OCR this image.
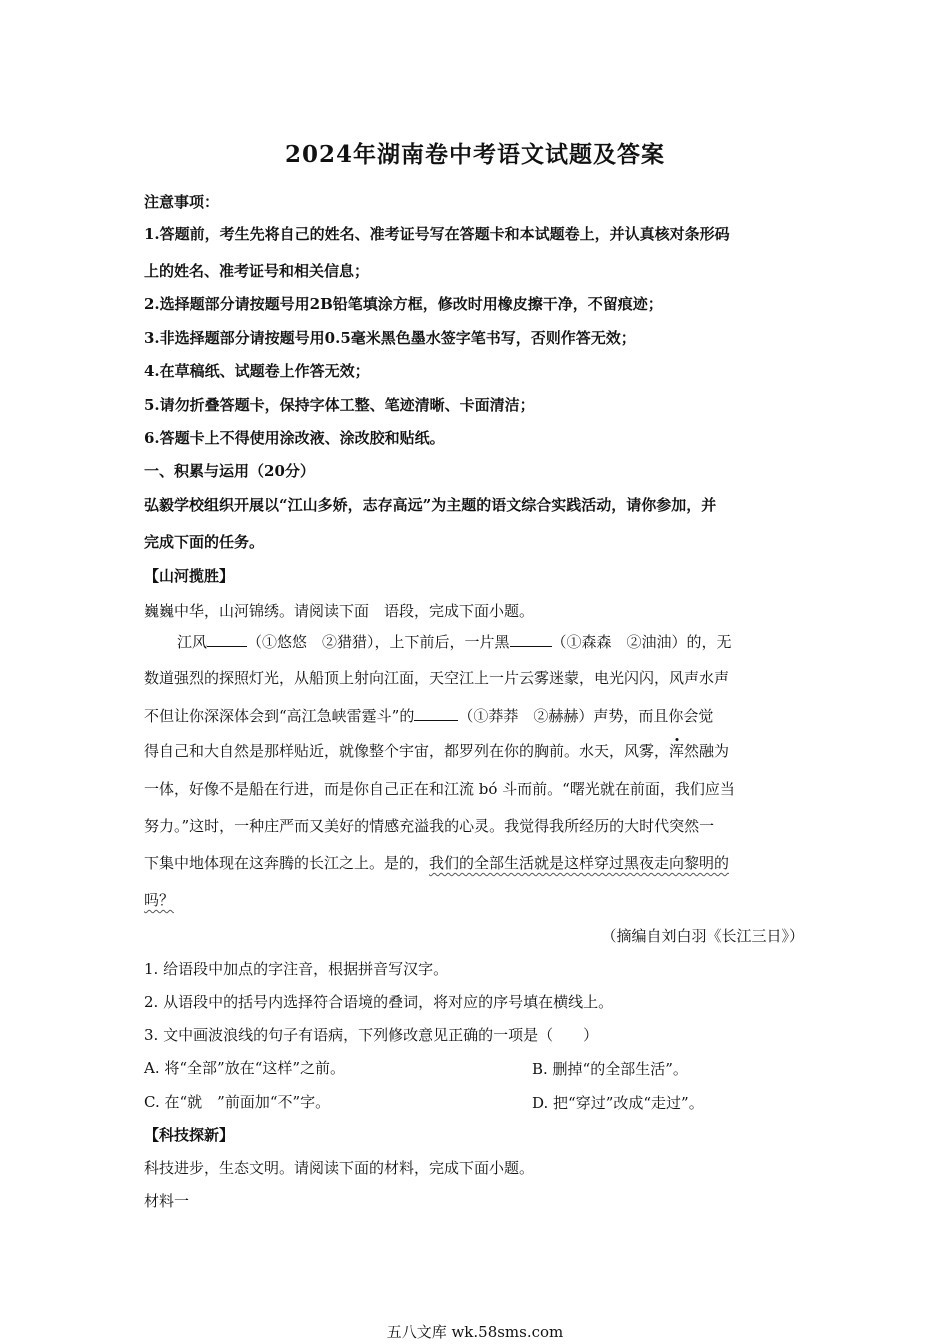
2024年湖南卷中考语文试题及答案
注意事项：
1.答题前，考生先将自己的姓名、准考证号写在答题卡和本试题卷上，并认真核对条形码
上的姓名、准考证号和相关信息；
2.选择题部分请按题号用2B铅笔填涂方框，修改时用橡皮擦干净，不留痕迹；
3.非选择题部分请按题号用0.5毫米黑色墨水签字笔书写，否则作答无效；
4.在草稿纸、试题卷上作答无效；
5.请勿折叠答题卡，保持字体工整、笔迹清晰、卡面清洁；
6.答题卡上不得使用涂改液、涂改胶和贴纸。
一、积累与运用（20分）
弘毅学校组织开展以“江山多娇，志存高远”为主题的语文综合实践活动，请你参加，并
完成下面的任务。
【山河揽胜】
巍巍中华，山河锦绣。请阅读下面　语段，完成下面小题。
江风	（①悠悠　②猎猎），上下前后，一片黑	（①森森　②油油）的，无
数道强烈的探照灯光，从船顶上射向江面，天空江上一片云雾迷蒙，电光闪闪，风声水声
不但让你深深体会到“高江急峡雷霆斗”的	（①莽莽　②赫赫）声势，而且你会觉
得自己和大自然是那样贴近，就像整个宇宙，都罗列在你的胸前。水天，风雾，浑然融为
一体，好像不是船在行进，而是你自己正在和江流 bó 斗而前。“曙光就在前面，我们应当
努力。”这时，一种庄严而又美好的情感充溢我的心灵。我觉得我所经历的大时代突然一
下集中地体现在这奔腾的长江之上。是的，我们的全部生活就是这样穿过黑夜走向黎明的
吗？
（摘编自刘白羽《长江三日》）
1. 给语段中加点的字注音，根据拼音写汉字。
2. 从语段中的括号内选择符合语境的叠词，将对应的序号填在横线上。
3. 文中画波浪线的句子有语病，下列修改意见正确的一项是（　　）
A. 将“全部”放在“这样”之前。	B. 删掉“的全部生活”。
C. 在“就　”前面加“不”字。	D. 把“穿过”改成“走过”。
【科技探新】
科技进步，生态文明。请阅读下面的材料，完成下面小题。
材料一
五八文库 wk.58sms.com
